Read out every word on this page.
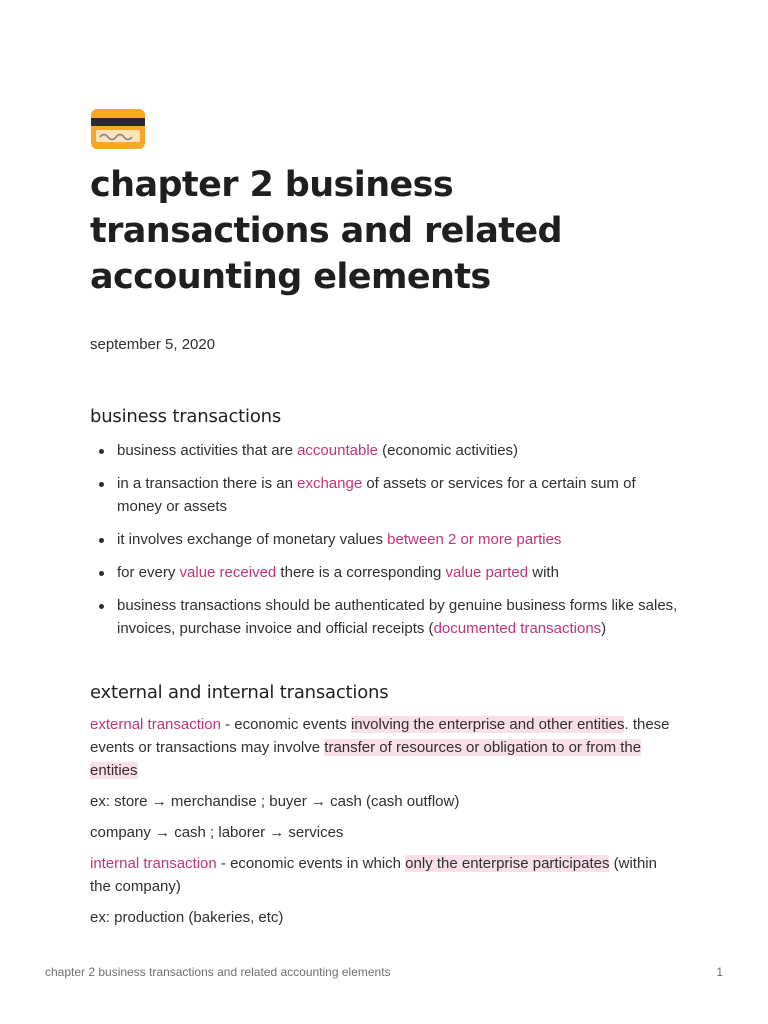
chapter 2 business transactions and related accounting elements

september 5, 2020

business transactions
business activities that are accountable (economic activities)
in a transaction there is an exchange of assets or services for a certain sum of money or assets
it involves exchange of monetary values between 2 or more parties
for every value received there is a corresponding value parted with
business transactions should be authenticated by genuine business forms like sales, invoices, purchase invoice and official receipts (documented transactions)
external and internal transactions

external transaction - economic events involving the enterprise and other entities. these events or transactions may involve transfer of resources or obligation to or from the entities

ex: store → merchandise ; buyer → cash (cash outflow)

company → cash ; laborer → services

internal transaction - economic events in which only the enterprise participates (within the company)

ex: production (bakeries, etc)

chapter 2 business transactions and related accounting elements	1
